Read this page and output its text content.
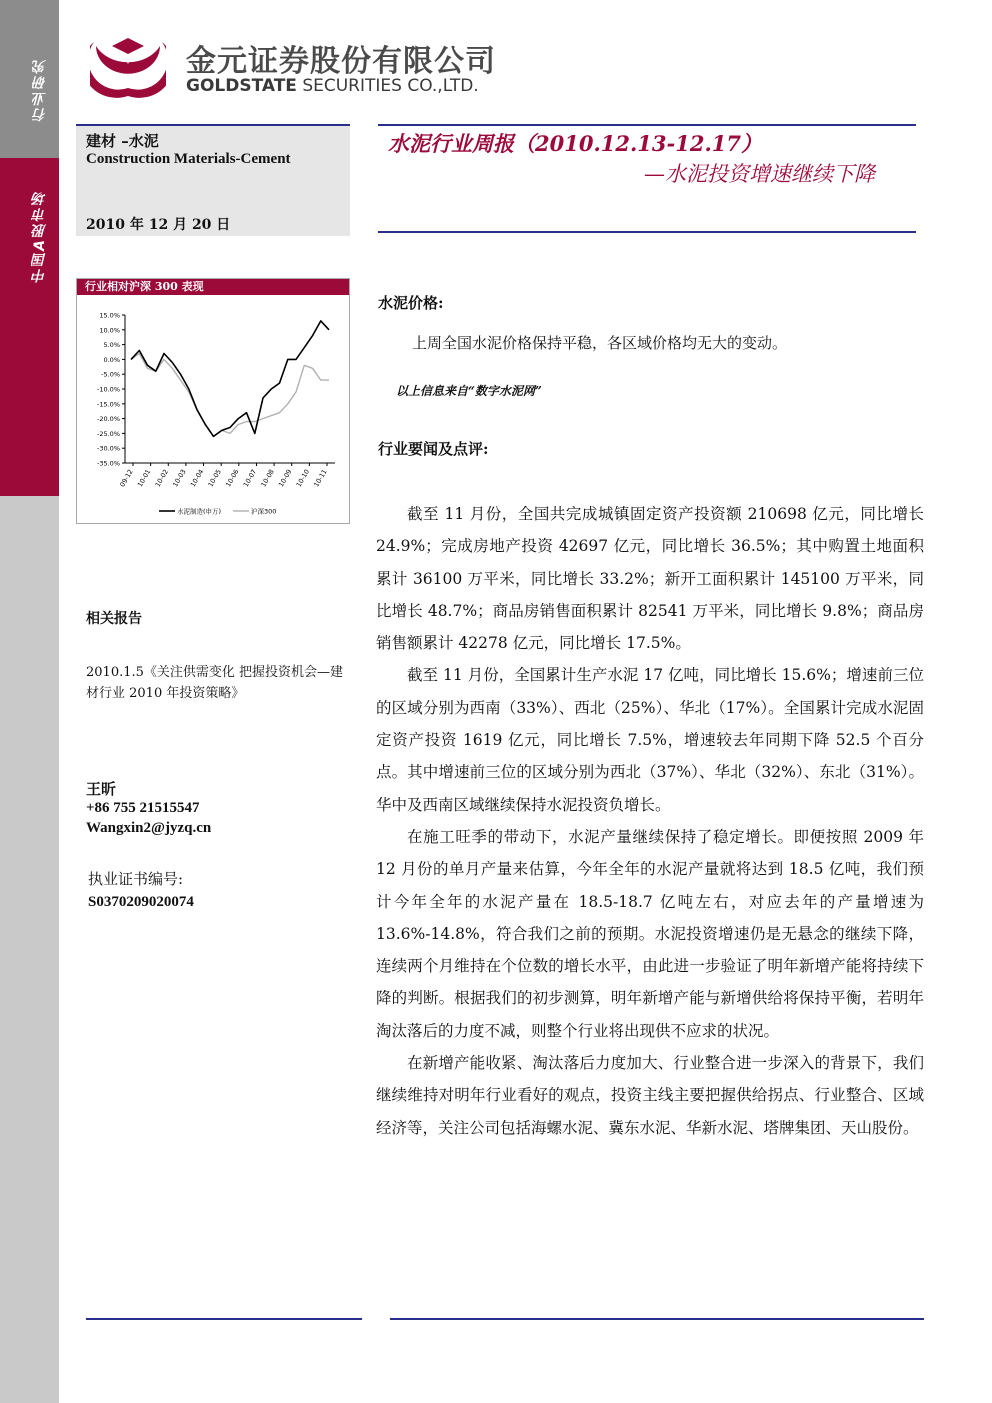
行业研究
中国A股市场
金元证券股份有限公司
GOLDSTATE SECURITIES CO.,LTD.
建材 –水泥
Construction Materials-Cement
2010 年 12 月 20 日
水泥行业周报（2010.12.13-12.17）
—水泥投资增速继续下降
行业相对沪深 300 表现
15.0%
10.0%
5.0%
0.0%
-5.0%
-10.0%
-15.0%
-20.0%
-25.0%
-30.0%
-35.0%
09-12 10-01 10-02 10-03 10-04 10-05 10-06 10-07 10-08 10-09 10-10 10-11
水泥制造(申万)	沪深300
相关报告
2010.1.5《关注供需变化 把握投资机会—建材行业 2010 年投资策略》
王昕
+86 755 21515547
Wangxin2@jyzq.cn
执业证书编号:
S0370209020074
水泥价格:
上周全国水泥价格保持平稳，各区域价格均无大的变动。
以上信息来自“数字水泥网”
行业要闻及点评:

截至 11 月份，全国共完成城镇固定资产投资额 210698 亿元，同比增长 24.9%；完成房地产投资 42697 亿元，同比增长 36.5%；其中购置土地面积累计 36100 万平米，同比增长 33.2%；新开工面积累计 145100 万平米，同比增长 48.7%；商品房销售面积累计 82541 万平米，同比增长 9.8%；商品房销售额累计 42278 亿元，同比增长 17.5%。

截至 11 月份，全国累计生产水泥 17 亿吨，同比增长 15.6%；增速前三位的区域分别为西南（33%）、西北（25%）、华北（17%）。全国累计完成水泥固定资产投资 1619 亿元，同比增长 7.5%，增速较去年同期下降 52.5 个百分点。其中增速前三位的区域分别为西北（37%）、华北（32%）、东北（31%）。华中及西南区域继续保持水泥投资负增长。

在施工旺季的带动下，水泥产量继续保持了稳定增长。即便按照 2009 年 12 月份的单月产量来估算，今年全年的水泥产量就将达到 18.5 亿吨，我们预计今年全年的水泥产量在 18.5-18.7 亿吨左右，对应去年的产量增速为 13.6%-14.8%，符合我们之前的预期。水泥投资增速仍是无悬念的继续下降，连续两个月维持在个位数的增长水平，由此进一步验证了明年新增产能将持续下降的判断。根据我们的初步测算，明年新增产能与新增供给将保持平衡，若明年淘汰落后的力度不减，则整个行业将出现供不应求的状况。

在新增产能收紧、淘汰落后力度加大、行业整合进一步深入的背景下，我们继续维持对明年行业看好的观点，投资主线主要把握供给拐点、行业整合、区域经济等，关注公司包括海螺水泥、冀东水泥、华新水泥、塔牌集团、天山股份。
